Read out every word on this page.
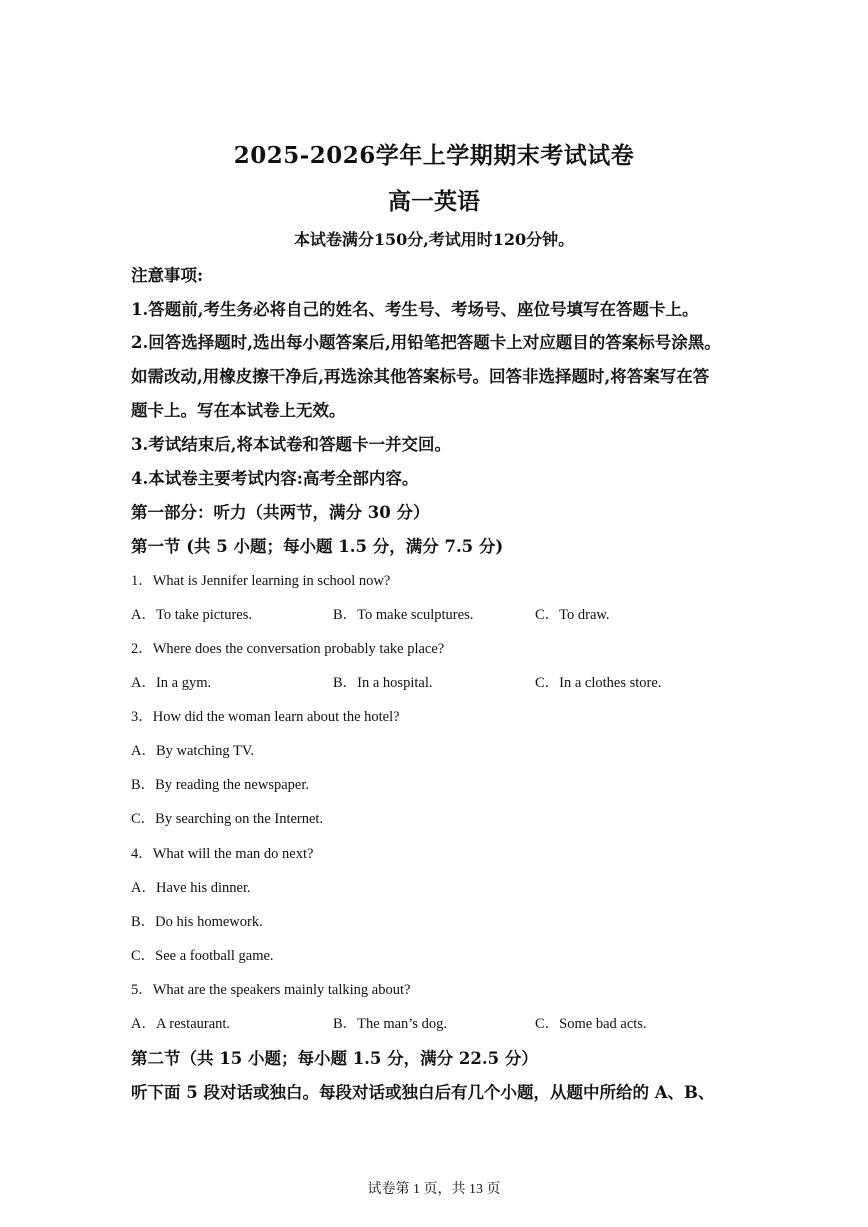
2025-2026学年上学期期末考试试卷
高一英语
本试卷满分150分,考试用时120分钟。
注意事项:
1.答题前,考生务必将自己的姓名、考生号、考场号、座位号填写在答题卡上。
2.回答选择题时,选出每小题答案后,用铅笔把答题卡上对应题目的答案标号涂黑。
如需改动,用橡皮擦干净后,再选涂其他答案标号。回答非选择题时,将答案写在答
题卡上。写在本试卷上无效。
3.考试结束后,将本试卷和答题卡一并交回。
4.本试卷主要考试内容:高考全部内容。
第一部分：听力（共两节，满分 30 分）
第一节 (共 5 小题；每小题 1.5 分，满分 7.5 分)
1．What is Jennifer learning in school now?
A．To take pictures.	B．To make sculptures.	C．To draw.
2．Where does the conversation probably take place?
A．In a gym.	B．In a hospital.	C．In a clothes store.
3．How did the woman learn about the hotel?
A．By watching TV.
B．By reading the newspaper.
C．By searching on the Internet.
4．What will the man do next?
A．Have his dinner.
B．Do his homework.
C．See a football game.
5．What are the speakers mainly talking about?
A．A restaurant.	B．The man’s dog.	C．Some bad acts.
第二节（共 15 小题；每小题 1.5 分，满分 22.5 分）
听下面 5 段对话或独白。每段对话或独白后有几个小题，从题中所给的 A、B、
试卷第 1 页，共 13 页
